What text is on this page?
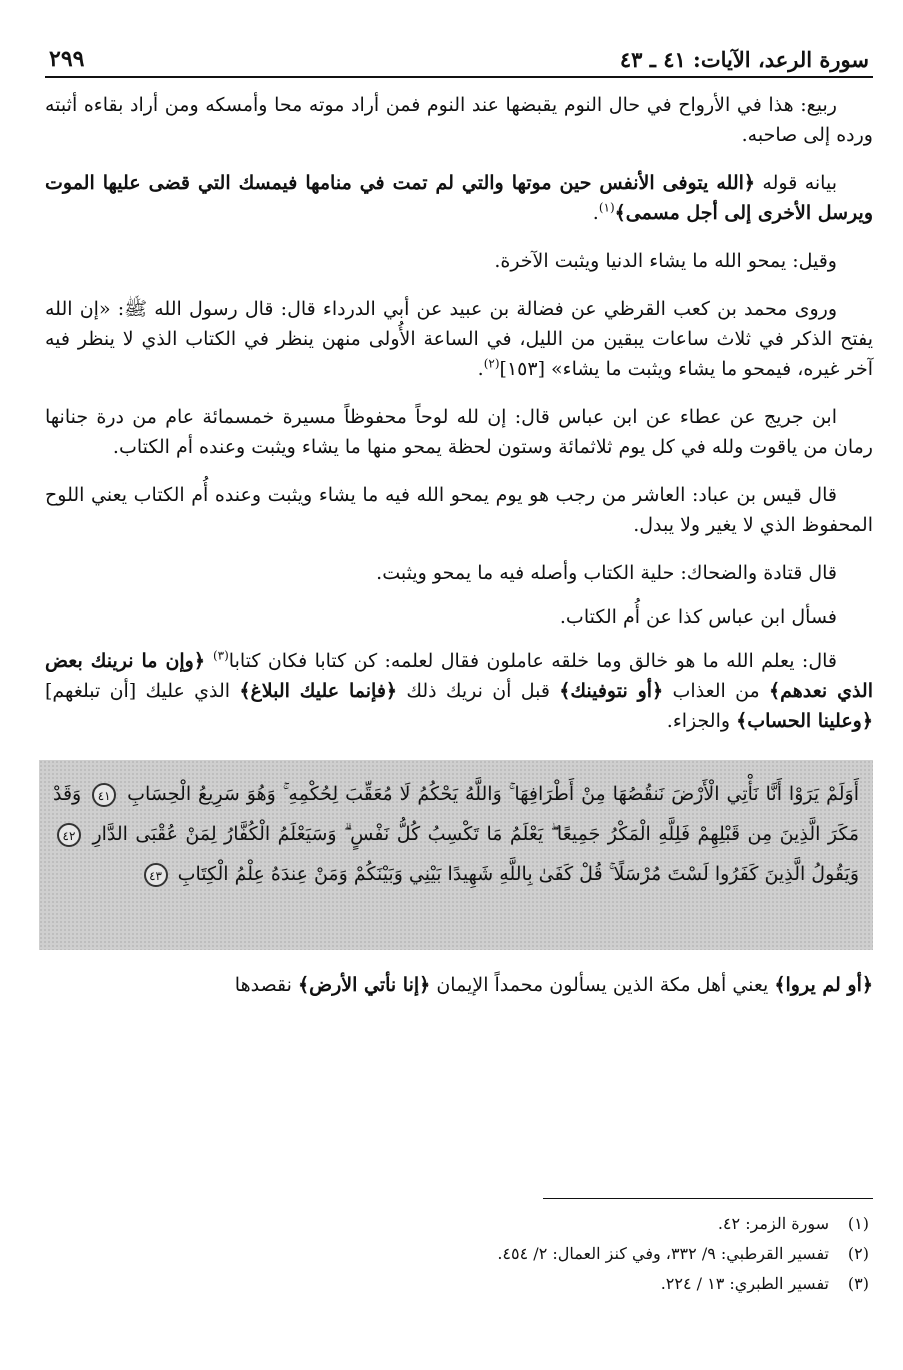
سورة الرعد، الآيات: ٤١ ـ ٤٣
٢٩٩

ربيع: هذا في الأرواح في حال النوم يقبضها عند النوم فمن أراد موته محا وأمسكه ومن أراد بقاءه أثبته ورده إلى صاحبه.

بيانه قوله ﴿الله يتوفى الأنفس حين موتها والتي لم تمت في منامها فيمسك التي قضى عليها الموت ويرسل الأخرى إلى أجل مسمى﴾$^{(١)}$.

وقيل: يمحو الله ما يشاء الدنيا ويثبت الآخرة.

وروى محمد بن كعب القرظي عن فضالة بن عبيد عن أبي الدرداء قال: قال رسول الله ﷺ: «إن الله يفتح الذكر في ثلاث ساعات يبقين من الليل، في الساعة الأُولى منهن ينظر في الكتاب الذي لا ينظر فيه آخر غيره، فيمحو ما يشاء ويثبت ما يشاء» [١٥٣]$^{(٢)}$.

ابن جريج عن عطاء عن ابن عباس قال: إن لله لوحاً محفوظاً مسيرة خمسمائة عام من درة جنانها رمان من ياقوت ولله في كل يوم ثلاثمائة وستون لحظة يمحو منها ما يشاء ويثبت وعنده أم الكتاب.

قال قيس بن عباد: العاشر من رجب هو يوم يمحو الله فيه ما يشاء ويثبت وعنده أُم الكتاب يعني اللوح المحفوظ الذي لا يغير ولا يبدل.

قال قتادة والضحاك: حلية الكتاب وأصله فيه ما يمحو ويثبت.

فسأل ابن عباس كذا عن أُم الكتاب.

قال: يعلم الله ما هو خالق وما خلقه عاملون فقال لعلمه: كن كتابا فكان كتابا$^{(٣)}$ ﴿وإن ما نرينك بعض الذي نعدهم﴾ من العذاب ﴿أو نتوفينك﴾ قبل أن نريك ذلك ﴿فإنما عليك البلاغ﴾ الذي عليك [أن تبلغهم] ﴿وعلينا الحساب﴾ والجزاء.

أَوَلَمْ يَرَوْا أَنَّا نَأْتِي الْأَرْضَ نَنقُصُهَا مِنْ أَطْرَافِهَا ۚ وَاللَّهُ يَحْكُمُ لَا مُعَقِّبَ لِحُكْمِهِ ۚ وَهُوَ سَرِيعُ الْحِسَابِ ٤١ وَقَدْ مَكَرَ الَّذِينَ مِن قَبْلِهِمْ فَلِلَّهِ الْمَكْرُ جَمِيعًا ۖ يَعْلَمُ مَا تَكْسِبُ كُلُّ نَفْسٍ ۗ وَسَيَعْلَمُ الْكُفَّارُ لِمَنْ عُقْبَى الدَّارِ ٤٢ وَيَقُولُ الَّذِينَ كَفَرُوا لَسْتَ مُرْسَلًا ۚ قُلْ كَفَىٰ بِاللَّهِ شَهِيدًا بَيْنِي وَبَيْنَكُمْ وَمَنْ عِندَهُ عِلْمُ الْكِتَابِ ٤٣

﴿أو لم يروا﴾ يعني أهل مكة الذين يسألون محمداً الإيمان ﴿إنا نأتي الأرض﴾ نقصدها

(١)سورة الزمر: ٤٢.

(٢)تفسير القرطبي: ٩/ ٣٣٢، وفي كنز العمال: ٢/ ٤٥٤.

(٣)تفسير الطبري: ١٣ / ٢٢٤.
